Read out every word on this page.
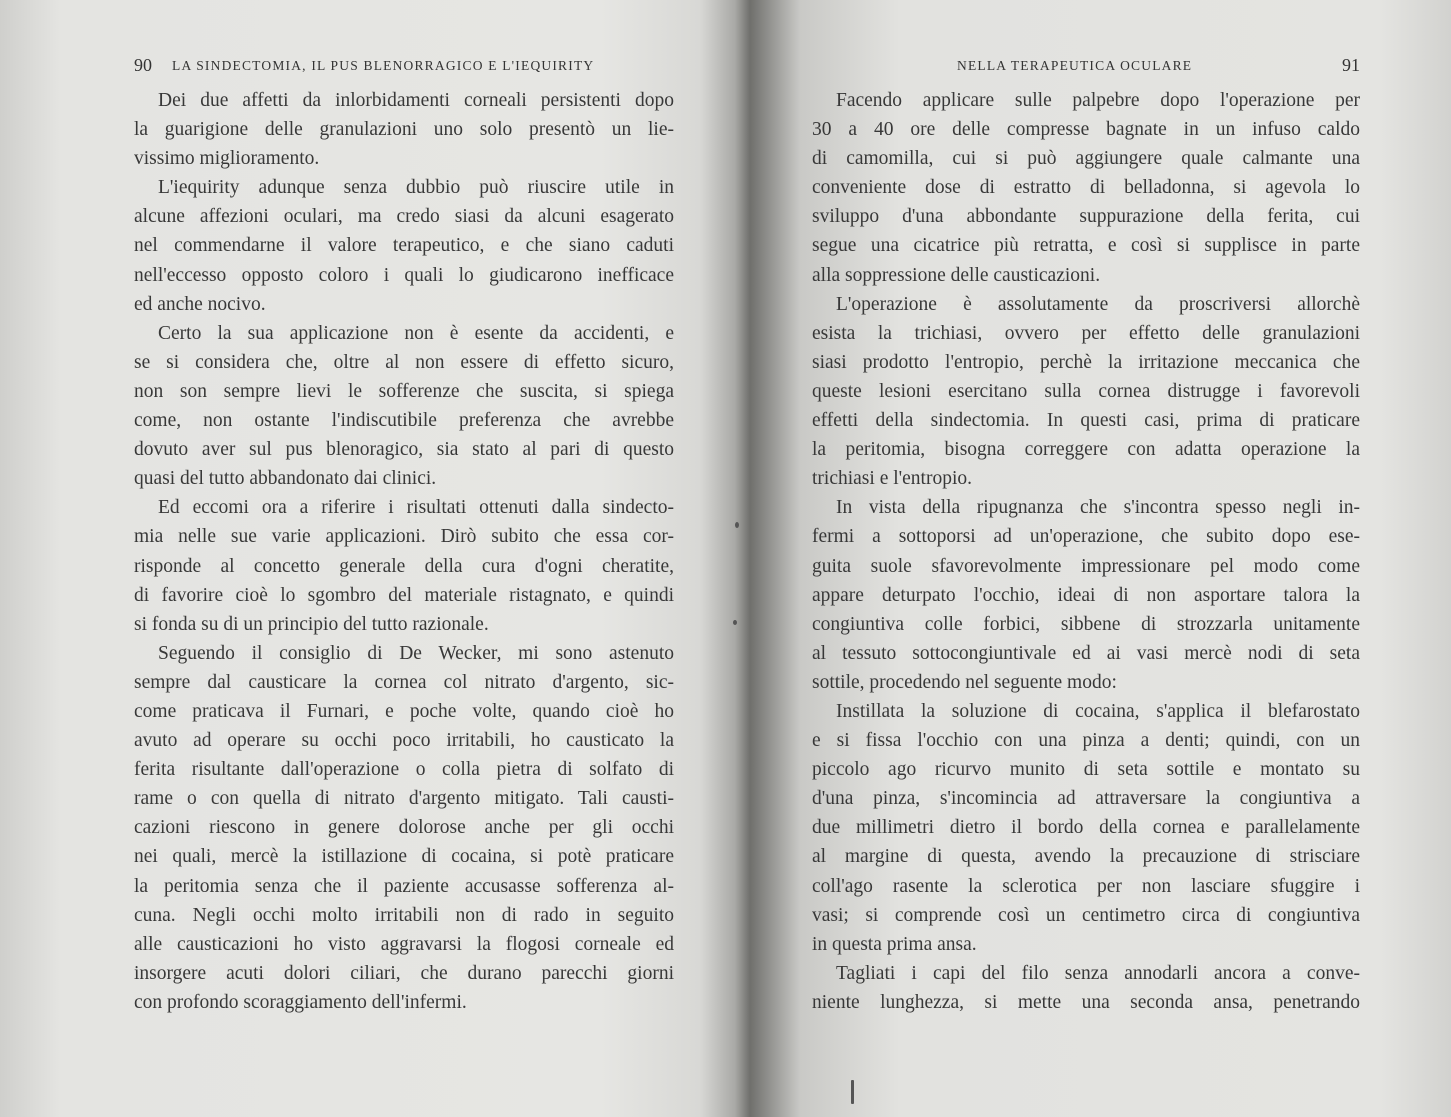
90 LA SINDECTOMIA, IL PUS BLENORRAGICO E L'IEQUIRITY
Dei due affetti da inlorbidamenti corneali persistenti dopo
la guarigione delle granulazioni uno solo presentò un lie-
vissimo miglioramento.
L'iequirity adunque senza dubbio può riuscire utile in
alcune affezioni oculari, ma credo siasi da alcuni esagerato
nel commendarne il valore terapeutico, e che siano caduti
nell'eccesso opposto coloro i quali lo giudicarono inefficace
ed anche nocivo.
Certo la sua applicazione non è esente da accidenti, e
se si considera che, oltre al non essere di effetto sicuro,
non son sempre lievi le sofferenze che suscita, si spiega
come, non ostante l'indiscutibile preferenza che avrebbe
dovuto aver sul pus blenoragico, sia stato al pari di questo
quasi del tutto abbandonato dai clinici.
Ed eccomi ora a riferire i risultati ottenuti dalla sindecto-
mia nelle sue varie applicazioni. Dirò subito che essa cor-
risponde al concetto generale della cura d'ogni cheratite,
di favorire cioè lo sgombro del materiale ristagnato, e quindi
si fonda su di un principio del tutto razionale.
Seguendo il consiglio di De Wecker, mi sono astenuto
sempre dal causticare la cornea col nitrato d'argento, sic-
come praticava il Furnari, e poche volte, quando cioè ho
avuto ad operare su occhi poco irritabili, ho causticato la
ferita risultante dall'operazione o colla pietra di solfato di
rame o con quella di nitrato d'argento mitigato. Tali causti-
cazioni riescono in genere dolorose anche per gli occhi
nei quali, mercè la istillazione di cocaina, si potè praticare
la peritomia senza che il paziente accusasse sofferenza al-
cuna. Negli occhi molto irritabili non di rado in seguito
alle causticazioni ho visto aggravarsi la flogosi corneale ed
insorgere acuti dolori ciliari, che durano parecchi giorni
con profondo scoraggiamento dell'infermi.
NELLA TERAPEUTICA OCULARE	91
Facendo applicare sulle palpebre dopo l'operazione per
30 a 40 ore delle compresse bagnate in un infuso caldo
di camomilla, cui si può aggiungere quale calmante una
conveniente dose di estratto di belladonna, si agevola lo
sviluppo d'una abbondante suppurazione della ferita, cui
segue una cicatrice più retratta, e così si supplisce in parte
alla soppressione delle causticazioni.
L'operazione è assolutamente da proscriversi allorchè
esista la trichiasi, ovvero per effetto delle granulazioni
siasi prodotto l'entropio, perchè la irritazione meccanica che
queste lesioni esercitano sulla cornea distrugge i favorevoli
effetti della sindectomia. In questi casi, prima di praticare
la peritomia, bisogna correggere con adatta operazione la
trichiasi e l'entropio.
In vista della ripugnanza che s'incontra spesso negli in-
fermi a sottoporsi ad un'operazione, che subito dopo ese-
guita suole sfavorevolmente impressionare pel modo come
appare deturpato l'occhio, ideai di non asportare talora la
congiuntiva colle forbici, sibbene di strozzarla unitamente
al tessuto sottocongiuntivale ed ai vasi mercè nodi di seta
sottile, procedendo nel seguente modo:
Instillata la soluzione di cocaina, s'applica il blefarostato
e si fissa l'occhio con una pinza a denti; quindi, con un
piccolo ago ricurvo munito di seta sottile e montato su
d'una pinza, s'incomincia ad attraversare la congiuntiva a
due millimetri dietro il bordo della cornea e parallelamente
al margine di questa, avendo la precauzione di strisciare
coll'ago rasente la sclerotica per non lasciare sfuggire i
vasi; si comprende così un centimetro circa di congiuntiva
in questa prima ansa.
Tagliati i capi del filo senza annodarli ancora a conve-
niente lunghezza, si mette una seconda ansa, penetrando
